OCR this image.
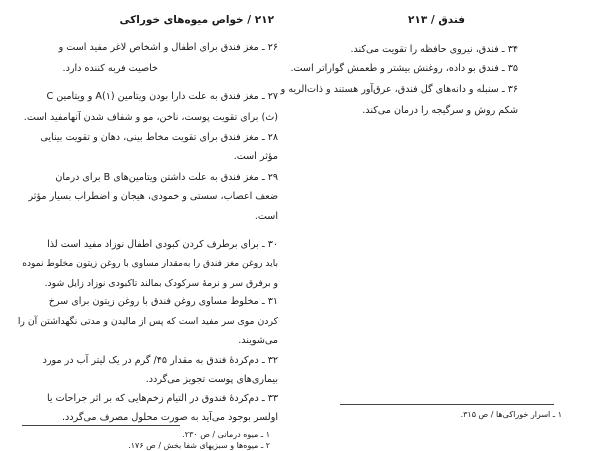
۲۱۲ / خواص میوه‌های خوراکی
۲۶ ـ مغز فندق برای اطفال و اشخاص لاغر مفید است و
خاصیت فربه کننده دارد.
۲۷ ـ مغز فندق به علت دارا بودن ویتامین A(۱) و ویتامین C
(ث) برای تقویت پوست، ناخن، مو و شفاف شدن آنهامفید است.
۲۸ ـ مغز فندق برای تقویت مخاط بینی، دهان و تقویت بینایی
مؤثر است.
۲۹ ـ مغز فندق به علت داشتن ویتامین‌های B برای درمان
ضعف اعصاب، سستی و خمودی، هیجان و اضطراب بسیار مؤثر
است.
۳۰ ـ برای برطرف کردن کبودی اطفال نوزاد مفید است لذا
باید روغن مغز فندق را به‌مقدار مساوی با روغن زیتون مخلوط نموده
و برفرق سر و نرمهٔ سرکودک بمالند تاکبودی نوزاد زایل شود.
۳۱ ـ مخلوط مساوی روغن فندق با روغن زیتون برای سرخ
کردن موی سر مفید است که پس از مالیدن و مدتی نگهداشتن آن را
می‌شویند.
۳۲ ـ دم‌کردهٔ فندق به مقدار ۴۵/ گرم در یک لیتر آب در مورد
بیماری‌های پوست تجویز می‌گردد.
۳۳ ـ دم‌کردهٔ فندوق در التیام زخم‌هایی که بر اثر جراحات یا
اولسر بوجود می‌آید به صورت محلول مصرف می‌گردد.
۱ ـ میوه درمانی / ص ۲۳۰.
۲ ـ میوه‌ها و سبزیهای شفا بخش / ص ۱۷۶.
فندق / ۲۱۳
۳۴ ـ فندق، نیروی حافظه را تقویت می‌کند.
۳۵ ـ فندق بو داده، روغنش بیشتر و طعمش گواراتر است.
۳۶ ـ سنبله و دانه‌های گل فندق، عرق‌آور هستند و ذات‌الریه و
شکم روش و سرگیجه را درمان می‌کند.
۱ ـ اسرار خوراکی‌ها / ص ۳۱۵.
